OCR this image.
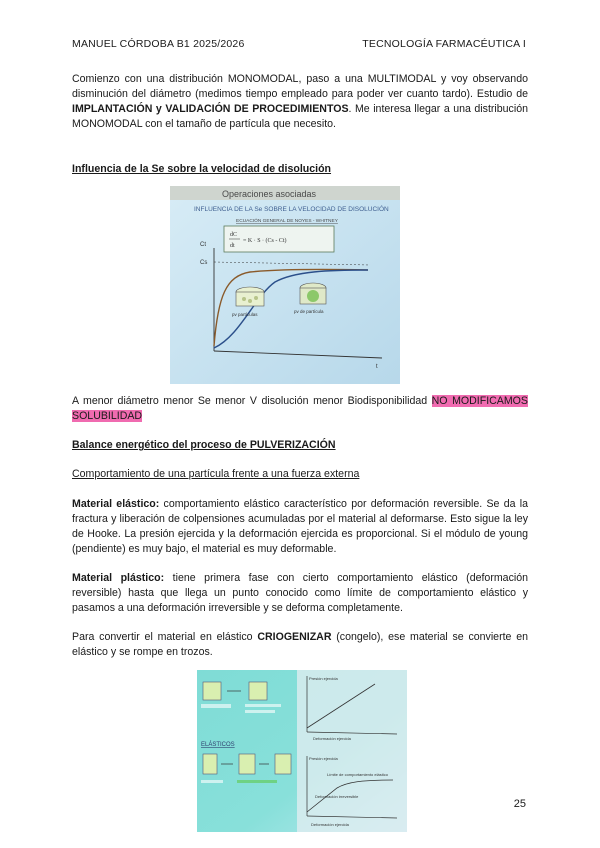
MANUEL CÓRDOBA B1 2025/2026	TECNOLOGÍA FARMACÉUTICA I

Comienzo con una distribución MONOMODAL, paso a una MULTIMODAL y voy observando disminución del diámetro (medimos tiempo empleado para poder ver cuanto tardo). Estudio de IMPLANTACIÓN y VALIDACIÓN DE PROCEDIMIENTOS. Me interesa llegar a una distribución MONOMODAL con el tamaño de partícula que necesito.

Influencia de la Se sobre la velocidad de disolución

Operaciones asociadas
INFLUENCIA DE LA Se SOBRE LA VELOCIDAD DE DISOLUCIÓN
ECUACIÓN GENERAL DE NOYES - WHITNEY
dC
dt
= K · S · (Cs - Ct)
Ct
Cs
pv partículas
pv de partícula
t

A menor diámetro menor Se menor V disolución menor Biodisponibilidad NO MODIFICAMOS SOLUBILIDAD

Balance energético del proceso de PULVERIZACIÓN

Comportamiento de una partícula frente a una fuerza externa

Material elástico: comportamiento elástico característico por deformación reversible. Se da la fractura y liberación de colpensiones acumuladas por el material al deformarse. Esto sigue la ley de Hooke. La presión ejercida y la deformación ejercida es proporcional. Si el módulo de young (pendiente) es muy bajo, el material es muy deformable.

Material plástico: tiene primera fase con cierto comportamiento elástico (deformación reversible) hasta que llega un punto conocido como límite de comportamiento elástico y pasamos a una deformación irreversible y se deforma completamente.

Para convertir el material en elástico CRIOGENIZAR (congelo), ese material se convierte en elástico y se rompe en trozos.

ELÁSTICOS
Presión ejercida
Deformación ejercida
Presión ejercida
Límite de comportamiento elástico
Deformación irreversible
Deformación ejercida
25
